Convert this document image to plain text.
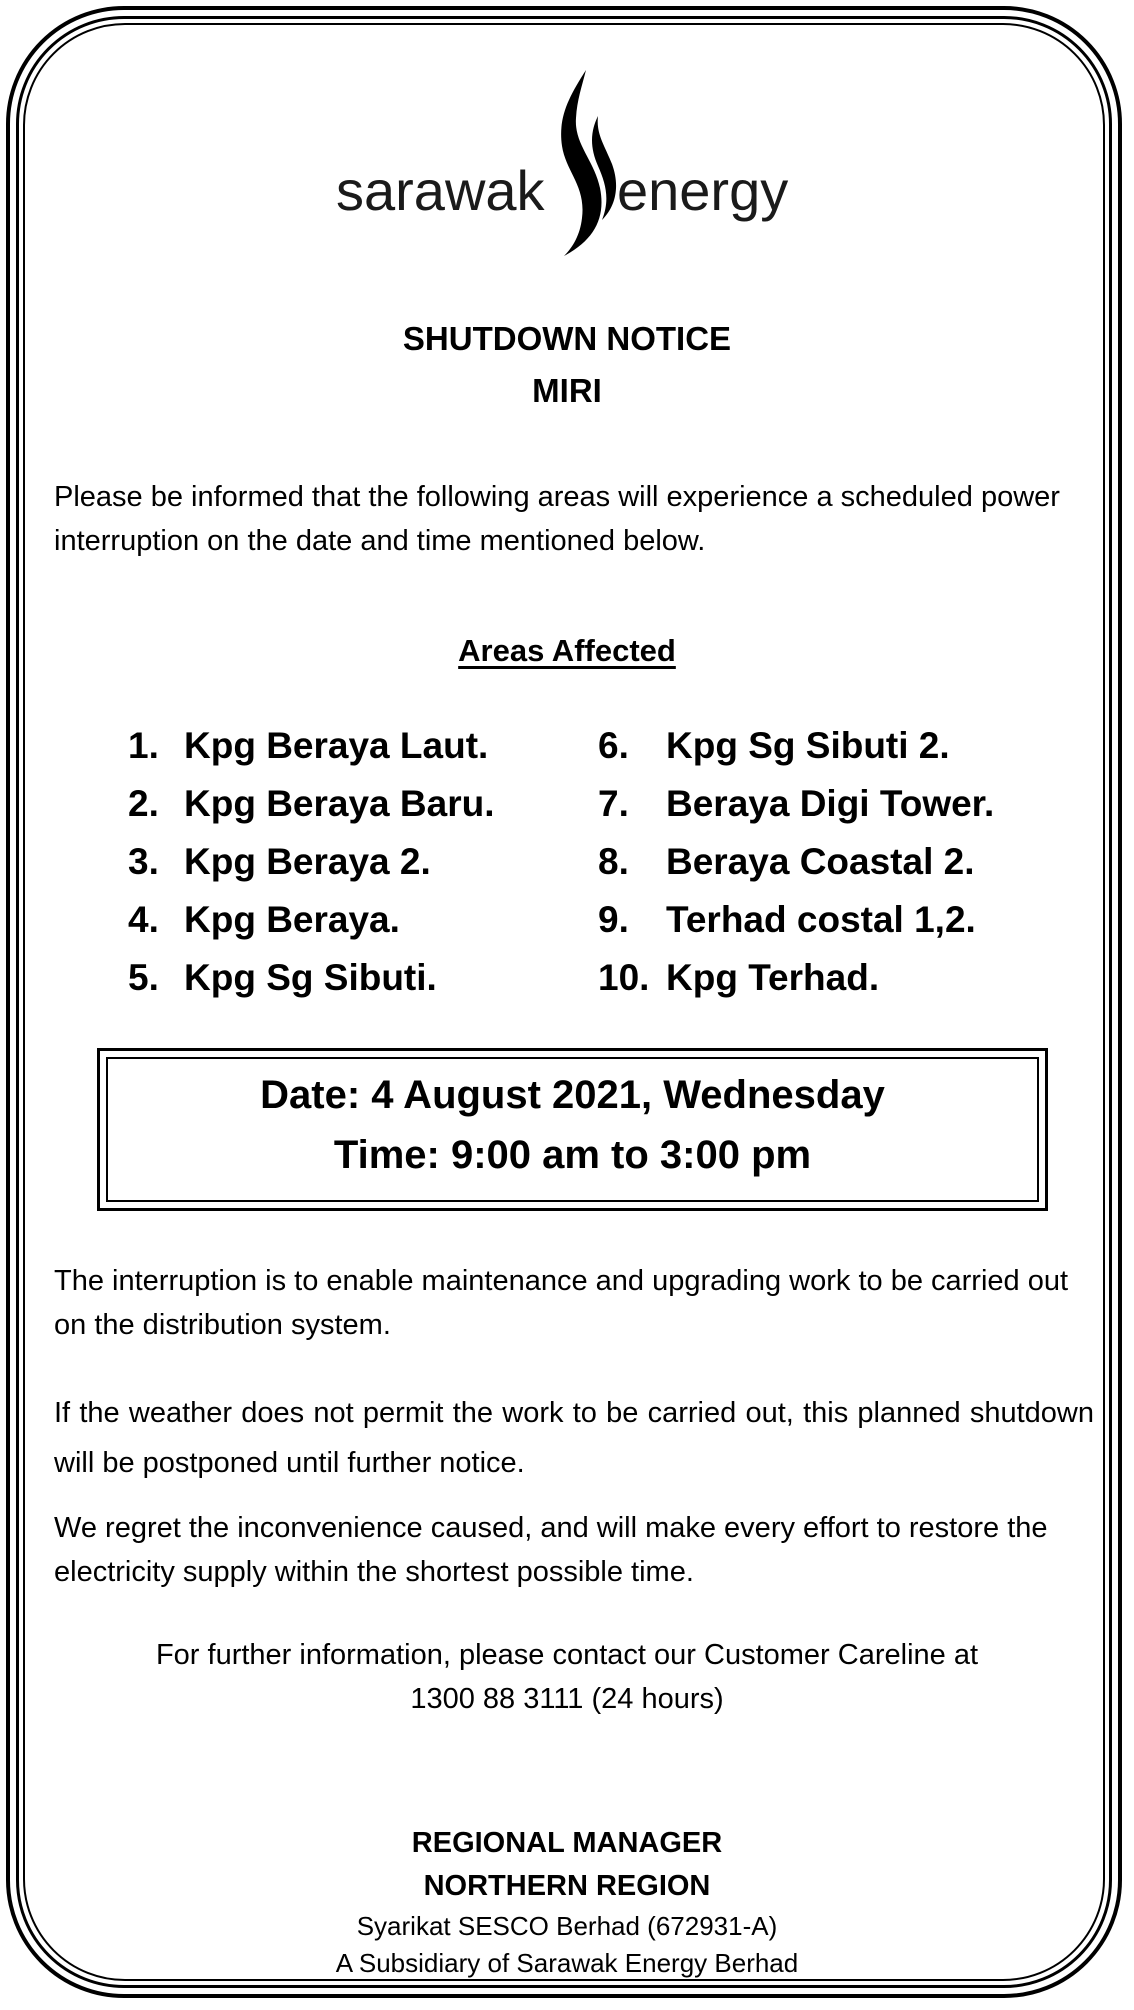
sarawak energy
SHUTDOWN NOTICE
MIRI
Please be informed that the following areas will experience a scheduled power interruption on the date and time mentioned below.
Areas Affected
1. Kpg Beraya Laut.
2. Kpg Beraya Baru.
3. Kpg Beraya 2.
4. Kpg Beraya.
5. Kpg Sg Sibuti.
6.	Kpg Sg Sibuti 2.
7.	Beraya Digi Tower.
8.	Beraya Coastal 2.
9.	Terhad costal 1,2.
10. Kpg Terhad.
Date: 4 August 2021, Wednesday
Time: 9:00 am to 3:00 pm
The interruption is to enable maintenance and upgrading work to be carried out on the distribution system.
If the weather does not permit the work to be carried out, this planned shutdown will be postponed until further notice.
We regret the inconvenience caused, and will make every effort to restore the electricity supply within the shortest possible time.
For further information, please contact our Customer Careline at
1300 88 3111 (24 hours)
REGIONAL MANAGER
NORTHERN REGION
Syarikat SESCO Berhad (672931-A)
A Subsidiary of Sarawak Energy Berhad
